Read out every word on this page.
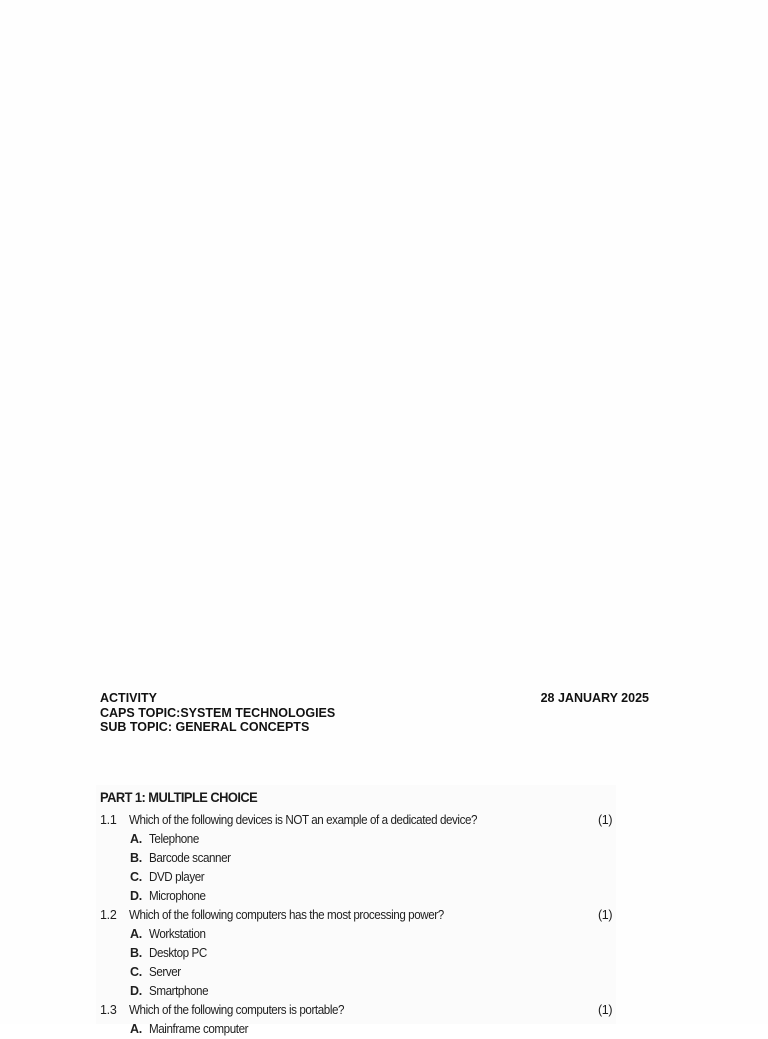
ACTIVITY	28 JANUARY 2025
CAPS TOPIC:SYSTEM TECHNOLOGIES
SUB TOPIC: GENERAL CONCEPTS
PART 1: MULTIPLE CHOICE
1.1 Which of the following devices is NOT an example of a dedicated device?	(1)
A. Telephone
B. Barcode scanner
C. DVD player
D. Microphone
1.2 Which of the following computers has the most processing power?	(1)
A. Workstation
B. Desktop PC
C. Server
D. Smartphone
1.3 Which of the following computers is portable?	(1)
A. Mainframe computer
